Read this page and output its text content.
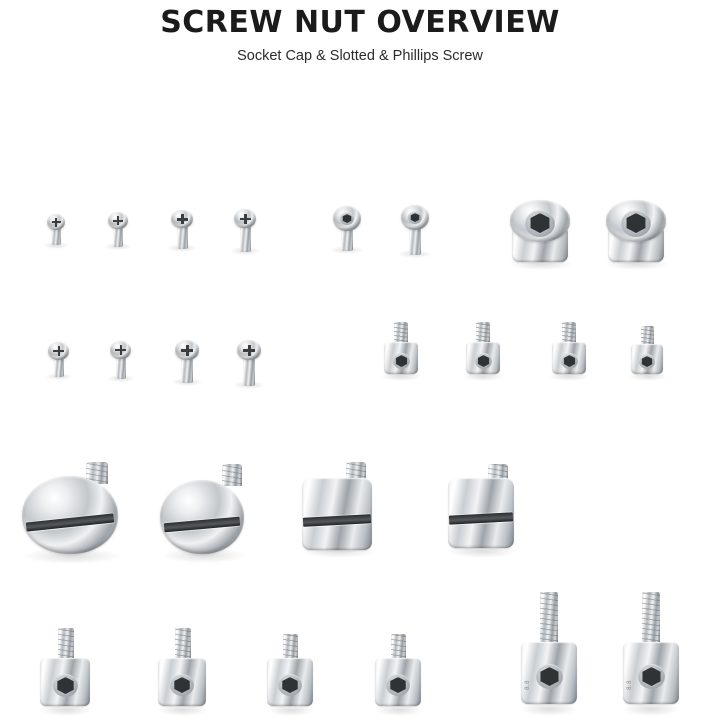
SCREW NUT OVERVIEW
Socket Cap & Slotted & Phillips Screw
8.8	8.8
